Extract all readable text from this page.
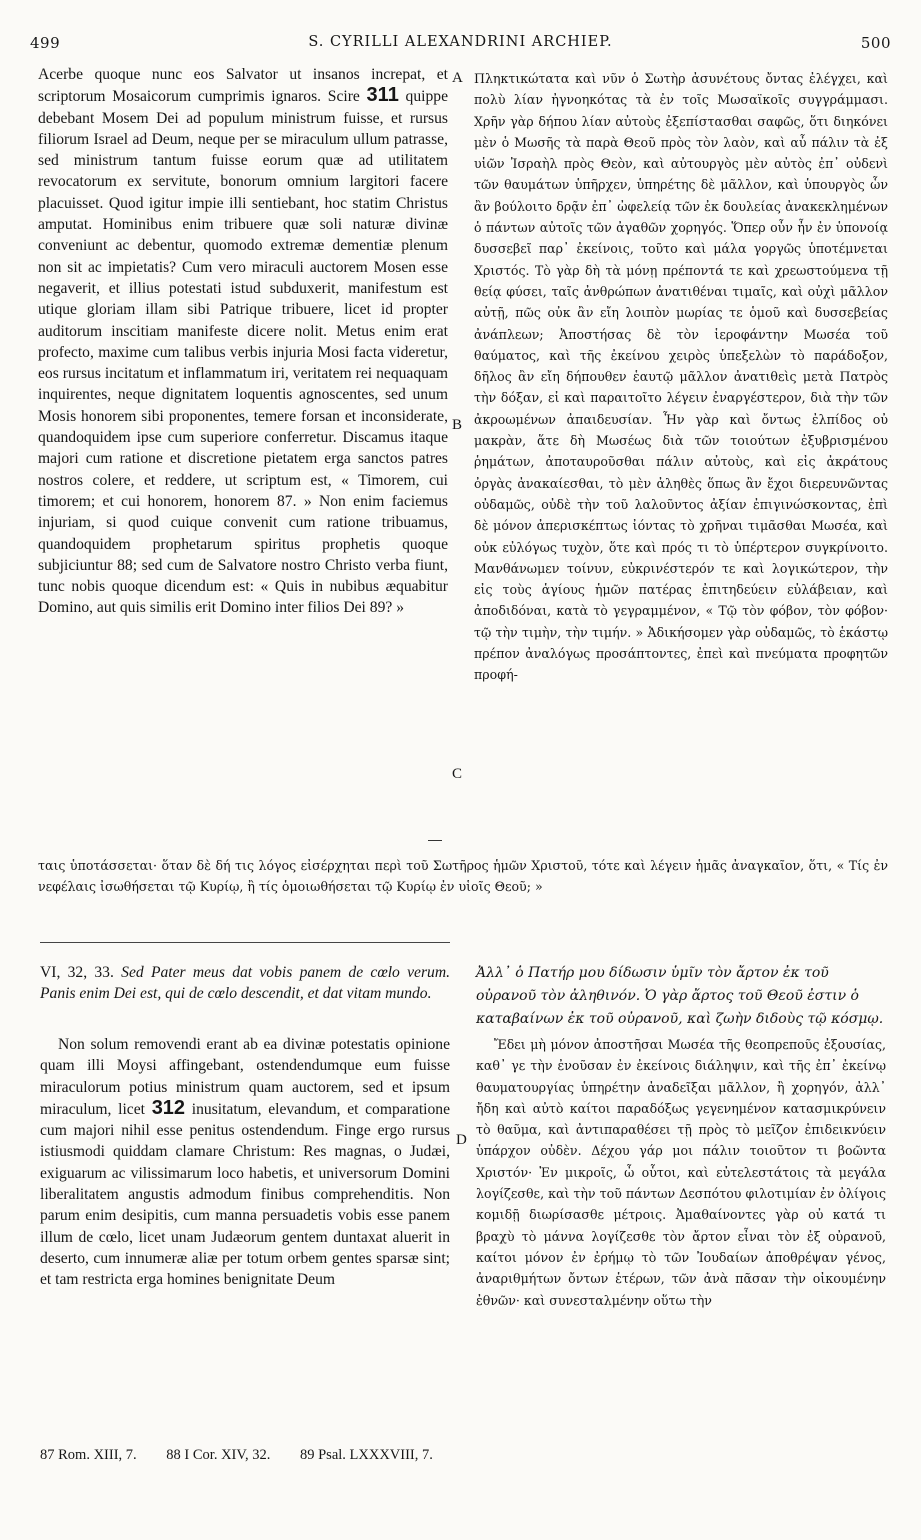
499	S. CYRILLI ALEXANDRINI ARCHIEP.	500
Acerbe quoque nunc eos Salvator ut insanos increpat, et scriptorum Mosaicorum cumprimis ignaros. Scire 311 quippe debebant Mosem Dei ad populum ministrum fuisse, et rursus filiorum Israel ad Deum, neque per se miraculum ullum patrasse, sed ministrum tantum fuisse eorum quæ ad utilitatem revocatorum ex servitute, bonorum omnium largitori facere placuisset. Quod igitur impie illi sentiebant, hoc statim Christus amputat. Hominibus enim tribuere quæ soli naturæ divinæ conveniunt ac debentur, quomodo extremæ dementiæ plenum non sit ac impietatis? Cum vero miraculi auctorem Mosen esse negaverit, et illius potestati istud subduxerit, manifestum est utique gloriam illam sibi Patrique tribuere, licet id propter auditorum inscitiam manifeste dicere nolit. Metus enim erat profecto, maxime cum talibus verbis injuria Mosi facta videretur, eos rursus incitatum et inflammatum iri, veritatem rei nequaquam inquirentes, neque dignitatem loquentis agnoscentes, sed unum Mosis honorem sibi proponentes, temere forsan et inconsiderate, quandoquidem ipse cum superiore conferretur. Discamus itaque majori cum ratione et discretione pietatem erga sanctos patres nostros colere, et reddere, ut scriptum est, « Timorem, cui timorem; et cui honorem, honorem 87. » Non enim faciemus injuriam, si quod cuique convenit cum ratione tribuamus, quandoquidem prophetarum spiritus prophetis quoque subjiciuntur 88; sed cum de Salvatore nostro Christo verba fiunt, tunc nobis quoque dicendum est: « Quis in nubibus æquabitur Domino, aut quis similis erit Domino inter filios Dei 89? »
Πληκτικώτατα καὶ νῦν ὁ Σωτὴρ ἀσυνέτους ὄντας ἐλέγχει, καὶ πολὺ λίαν ἠγνοηκότας τὰ ἐν τοῖς Μωσαϊκοῖς συγγράμμασι. Χρῆν γὰρ δήπου λίαν αὐτοὺς ἐξεπίστασθαι σαφῶς, ὅτι διηκόνει μὲν ὁ Μωσῆς τὰ παρὰ Θεοῦ πρὸς τὸν λαὸν, καὶ αὖ πάλιν τὰ ἐξ υἱῶν Ἰσραὴλ πρὸς Θεὸν, καὶ αὐτουργὸς μὲν αὐτὸς ἐπ᾽ οὐδενὶ τῶν θαυμάτων ὑπῆρχεν, ὑπηρέτης δὲ μᾶλλον, καὶ ὑπουργὸς ὧν ἂν βούλοιτο δρᾷν ἐπ᾽ ὠφελείᾳ τῶν ἐκ δουλείας ἀνακεκλημένων ὁ πάντων αὐτοῖς τῶν ἀγαθῶν χορηγός. Ὅπερ οὖν ἦν ἐν ὑπονοίᾳ δυσσεβεῖ παρ᾽ ἐκείνοις, τοῦτο καὶ μάλα γοργῶς ὑποτέμνεται Χριστός. Τὸ γὰρ δὴ τὰ μόνῃ πρέποντά τε καὶ χρεωστούμενα τῇ θείᾳ φύσει, ταῖς ἀνθρώπων ἀνατιθέναι τιμαῖς, καὶ οὐχὶ μᾶλλον αὐτῇ, πῶς οὐκ ἂν εἴη λοιπὸν μωρίας τε ὁμοῦ καὶ δυσσεβείας ἀνάπλεων; Ἀποστήσας δὲ τὸν ἱεροφάντην Μωσέα τοῦ θαύματος, καὶ τῆς ἐκείνου χειρὸς ὑπεξελὼν τὸ παράδοξον, δῆλος ἂν εἴη δήπουθεν ἑαυτῷ μᾶλλον ἀνατιθεὶς μετὰ Πατρὸς τὴν δόξαν, εἰ καὶ παραιτοῖτο λέγειν ἐναργέστερον, διὰ τὴν τῶν ἀκροωμένων ἀπαιδευσίαν. Ἦν γὰρ καὶ ὄντως ἐλπίδος οὐ μακρὰν, ἅτε δὴ Μωσέως διὰ τῶν τοιούτων ἐξυβρισμένου ῥημάτων, ἀποταυροῦσθαι πάλιν αὐτοὺς, καὶ εἰς ἀκράτους ὀργὰς ἀνακαίεσθαι, τὸ μὲν ἀληθὲς ὅπως ἂν ἔχοι διερευνῶντας οὐδαμῶς, οὐδὲ τὴν τοῦ λαλοῦντος ἀξίαν ἐπιγινώσκοντας, ἐπὶ δὲ μόνον ἀπερισκέπτως ἰόντας τὸ χρῆναι τιμᾶσθαι Μωσέα, καὶ οὐκ εὐλόγως τυχὸν, ὅτε καὶ πρός τι τὸ ὑπέρτερον συγκρίνοιτο. Μανθάνωμεν τοίνυν, εὐκρινέστερόν τε καὶ λογικώτερον, τὴν εἰς τοὺς ἁγίους ἡμῶν πατέρας ἐπιτηδεύειν εὐλάβειαν, καὶ ἀποδιδόναι, κατὰ τὸ γεγραμμένον, « Τῷ τὸν φόβον, τὸν φόβον· τῷ τὴν τιμὴν, τὴν τιμήν. » Ἀδικήσομεν γὰρ οὐδαμῶς, τὸ ἑκάστῳ πρέπον ἀναλόγως προσάπτοντες, ἐπεὶ καὶ πνεύματα προφητῶν προφή-
A
B
C
D
ταις ὑποτάσσεται· ὅταν δὲ δή τις λόγος εἰσέρχηται περὶ τοῦ Σωτῆρος ἡμῶν Χριστοῦ, τότε καὶ λέγειν ἡμᾶς ἀναγκαῖον, ὅτι, « Τίς ἐν νεφέλαις ἰσωθήσεται τῷ Κυρίῳ, ἢ τίς ὁμοιωθήσεται τῷ Κυρίῳ ἐν υἱοῖς Θεοῦ; »
VI, 32, 33. Sed Pater meus dat vobis panem de cœlo verum. Panis enim Dei est, qui de cœlo descendit, et dat vitam mundo.
Ἀλλ᾽ ὁ Πατήρ μου δίδωσιν ὑμῖν τὸν ἄρτον ἐκ τοῦ οὐρανοῦ τὸν ἀληθινόν. Ὁ γὰρ ἄρτος τοῦ Θεοῦ ἐστιν ὁ καταβαίνων ἐκ τοῦ οὐρανοῦ, καὶ ζωὴν διδοὺς τῷ κόσμῳ.
Non solum removendi erant ab ea divinæ potestatis opinione quam illi Moysi affingebant, ostendendumque eum fuisse miraculorum potius ministrum quam auctorem, sed et ipsum miraculum, licet 312 inusitatum, elevandum, et comparatione cum majori nihil esse penitus ostendendum. Finge ergo rursus istiusmodi quiddam clamare Christum: Res magnas, o Judæi, exiguarum ac vilissimarum loco habetis, et universorum Domini liberalitatem angustis admodum finibus comprehenditis. Non parum enim desipitis, cum manna persuadetis vobis esse panem illum de cœlo, licet unam Judæorum gentem duntaxat aluerit in deserto, cum innumeræ aliæ per totum orbem gentes sparsæ sint; et tam restricta erga homines benignitate Deum
Ἔδει μὴ μόνον ἀποστῆσαι Μωσέα τῆς θεοπρεποῦς ἐξουσίας, καθ᾽ γε τὴν ἐνοῦσαν ἐν ἐκείνοις διάληψιν, καὶ τῆς ἐπ᾽ ἐκείνῳ θαυματουργίας ὑπηρέτην ἀναδεῖξαι μᾶλλον, ἢ χορηγόν, ἀλλ᾽ ἤδη καὶ αὐτὸ καίτοι παραδόξως γεγενημένον κατασμικρύνειν τὸ θαῦμα, καὶ ἀντιπαραθέσει τῇ πρὸς τὸ μεῖζον ἐπιδεικνύειν ὑπάρχον οὐδὲν. Δέχου γάρ μοι πάλιν τοιοῦτον τι βοῶντα Χριστόν· Ἐν μικροῖς, ὦ οὗτοι, καὶ εὐτελεστάτοις τὰ μεγάλα λογίζεσθε, καὶ τὴν τοῦ πάντων Δεσπότου φιλοτιμίαν ἐν ὀλίγοις κομιδῇ διωρίσασθε μέτροις. Ἀμαθαίνοντες γὰρ οὐ κατά τι βραχὺ τὸ μάννα λογίζεσθε τὸν ἄρτον εἶναι τὸν ἐξ οὐρανοῦ, καίτοι μόνον ἐν ἐρήμῳ τὸ τῶν Ἰουδαίων ἀποθρέψαν γένος, ἀναριθμήτων ὄντων ἑτέρων, τῶν ἀνὰ πᾶσαν τὴν οἰκουμένην ἐθνῶν· καὶ συνεσταλμένην οὕτω τὴν
87 Rom. XIII, 7. 88 I Cor. XIV, 32. 89 Psal. LXXXVIII, 7.
